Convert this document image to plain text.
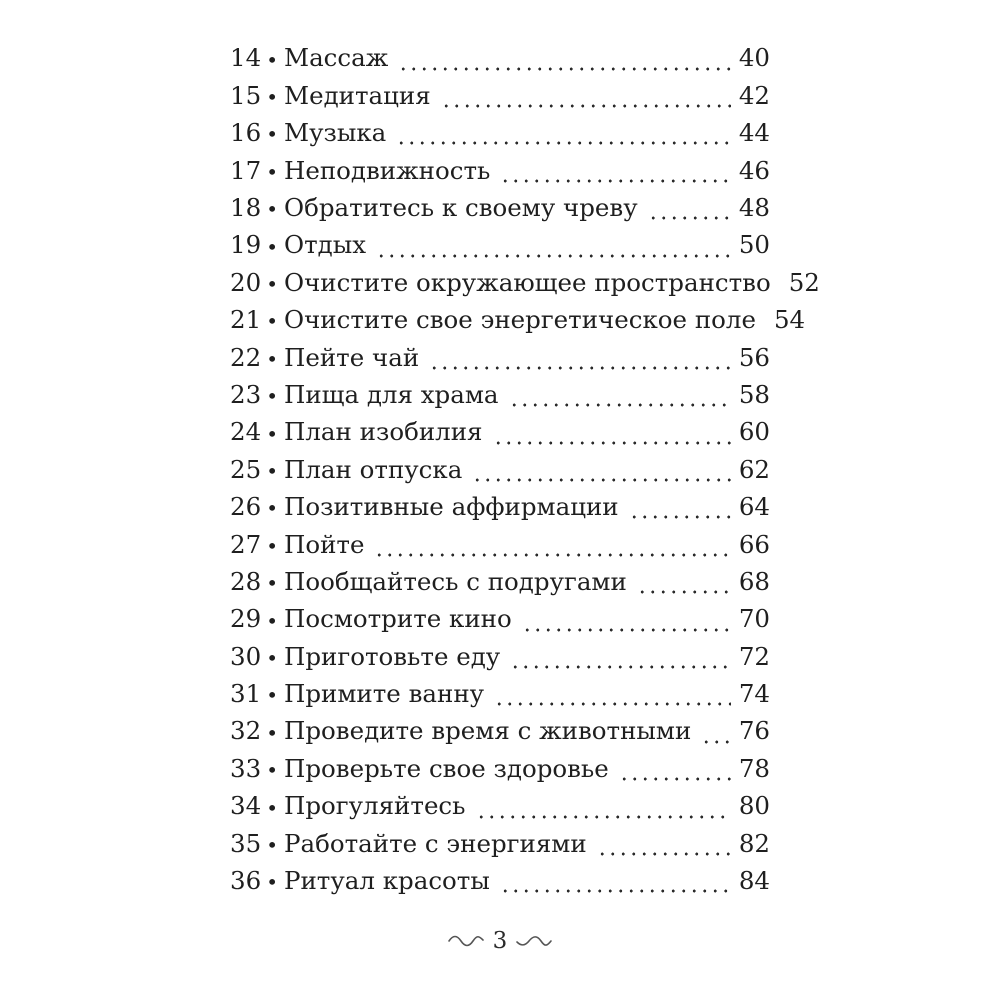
14 • Массаж	40
15 • Медитация	42
16 • Музыка	44
17 • Неподвижность	46
18 • Обратитесь к своему чреву	48
19 • Отдых	50
20 • Очистите окружающее пространство 52
21 • Очистите свое энергетическое поле 54
22 • Пейте чай	56
23 • Пища для храма	58
24 • План изобилия	60
25 • План отпуска	62
26 • Позитивные аффирмации	64
27 • Пойте	66
28 • Пообщайтесь с подругами	68
29 • Посмотрите кино	70
30 • Приготовьте еду	72
31 • Примите ванну	74
32 • Проведите время с животными 76
33 • Проверьте свое здоровье	78
34 • Прогуляйтесь	80
35 • Работайте с энергиями	82
36 • Ритуал красоты	84
3
